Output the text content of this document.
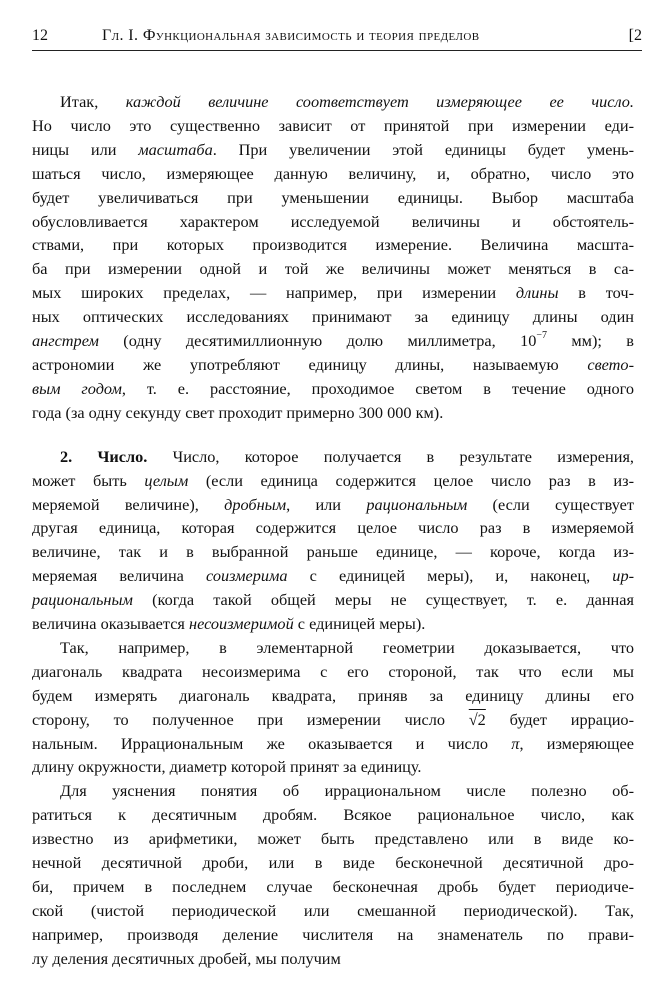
12	Гл. I. Функциональная зависимость и теория пределов	[2
Итак, каждой величине соответствует измеряющее ее число.
Но число это существенно зависит от принятой при измерении еди-
ницы или масштаба. При увеличении этой единицы будет умень-
шаться число, измеряющее данную величину, и, обратно, число это
будет увеличиваться при уменьшении единицы. Выбор масштаба
обусловливается характером исследуемой величины и обстоятель-
ствами, при которых производится измерение. Величина масшта-
ба при измерении одной и той же величины может меняться в са-
мых широких пределах, — например, при измерении длины в точ-
ных оптических исследованиях принимают за единицу длины один
ангстрем (одну десятимиллионную долю миллиметра, $10^{-7}$ мм); в
астрономии же употребляют единицу длины, называемую свето-
вым годом, т. е. расстояние, проходимое светом в течение одного
года (за одну секунду свет проходит примерно 300 000 км).
2. Число. Число, которое получается в результате измерения,
может быть целым (если единица содержится целое число раз в из-
меряемой величине), дробным, или рациональным (если существует
другая единица, которая содержится целое число раз в измеряемой
величине, так и в выбранной раньше единице, — короче, когда из-
меряемая величина соизмерима с единицей меры), и, наконец, ир-
рациональным (когда такой общей меры не существует, т. е. данная
величина оказывается несоизмеримой с единицей меры).
Так, например, в элементарной геометрии доказывается, что
диагональ квадрата несоизмерима с его стороной, так что если мы
будем измерять диагональ квадрата, приняв за единицу длины его
сторону, то полученное при измерении число √2 будет иррацио-
нальным. Иррациональным же оказывается и число π, измеряющее
длину окружности, диаметр которой принят за единицу.
Для уяснения понятия об иррациональном числе полезно об-
ратиться к десятичным дробям. Всякое рациональное число, как
известно из арифметики, может быть представлено или в виде ко-
нечной десятичной дроби, или в виде бесконечной десятичной дро-
би, причем в последнем случае бесконечная дробь будет периодиче-
ской (чистой периодической или смешанной периодической). Так,
например, производя деление числителя на знаменатель по прави-
лу деления десятичных дробей, мы получим
